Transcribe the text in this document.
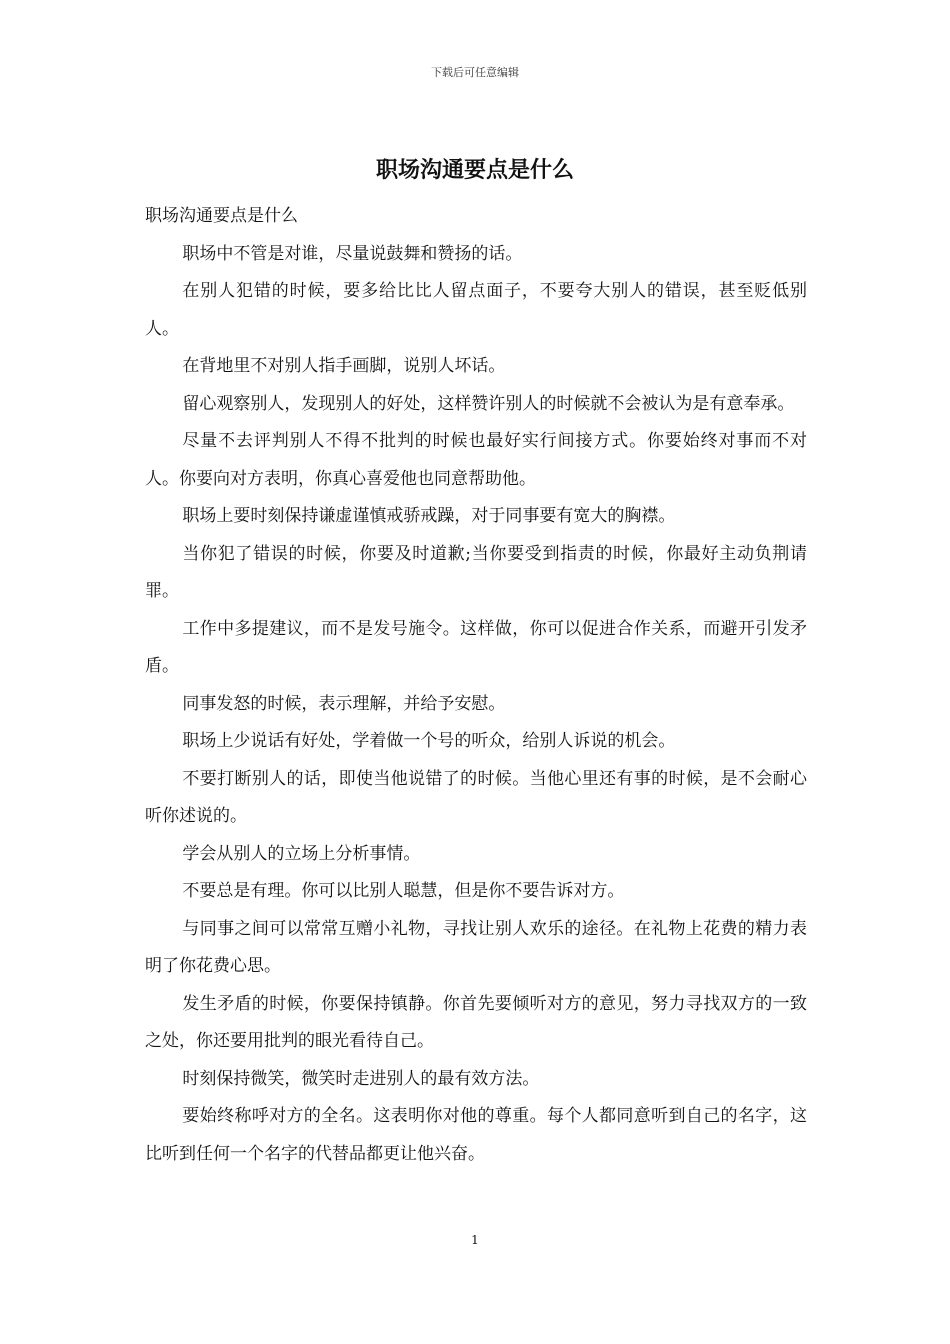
下载后可任意编辑
职场沟通要点是什么

职场沟通要点是什么

职场中不管是对谁，尽量说鼓舞和赞扬的话。

在别人犯错的时候，要多给比比人留点面子，不要夸大别人的错误，甚至贬低别人。

在背地里不对别人指手画脚，说别人坏话。

留心观察别人，发现别人的好处，这样赞许别人的时候就不会被认为是有意奉承。

尽量不去评判别人不得不批判的时候也最好实行间接方式。你要始终对事而不对人。你要向对方表明，你真心喜爱他也同意帮助他。

职场上要时刻保持谦虚谨慎戒骄戒躁，对于同事要有宽大的胸襟。

当你犯了错误的时候，你要及时道歉;当你要受到指责的时候，你最好主动负荆请罪。

工作中多提建议，而不是发号施令。这样做，你可以促进合作关系，而避开引发矛盾。

同事发怒的时候，表示理解，并给予安慰。

职场上少说话有好处，学着做一个号的听众，给别人诉说的机会。

不要打断别人的话，即使当他说错了的时候。当他心里还有事的时候，是不会耐心听你述说的。

学会从别人的立场上分析事情。

不要总是有理。你可以比别人聪慧，但是你不要告诉对方。

与同事之间可以常常互赠小礼物，寻找让别人欢乐的途径。在礼物上花费的精力表明了你花费心思。

发生矛盾的时候，你要保持镇静。你首先要倾听对方的意见，努力寻找双方的一致之处，你还要用批判的眼光看待自己。

时刻保持微笑，微笑时走进别人的最有效方法。

要始终称呼对方的全名。这表明你对他的尊重。每个人都同意听到自己的名字，这比听到任何一个名字的代替品都更让他兴奋。

1
